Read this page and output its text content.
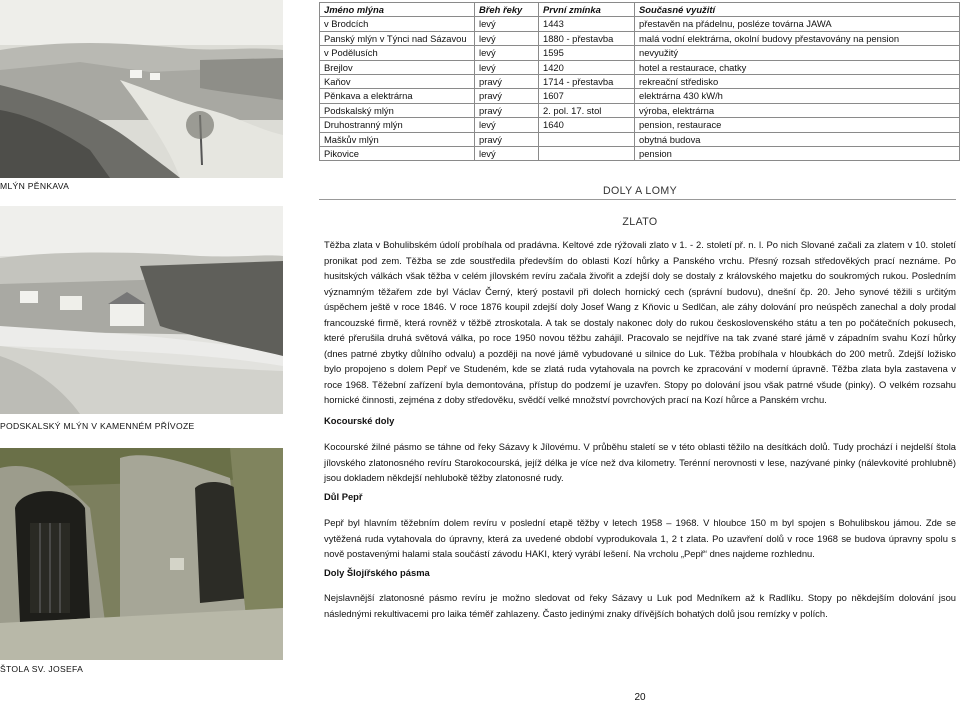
MLÝN PĚNKAVA
PODSKALSKÝ MLÝN V KAMENNÉM PŘÍVOZE
ŠTOLA SV. JOSEFA
Jméno mlýna	Břeh řeky	První zmínka	Současné využití
v Brodcích	levý	1443	přestavěn na přádelnu, posléze továrna JAWA
Panský mlýn v Týnci nad Sázavou	levý	1880 - přestavba	malá vodní elektrárna, okolní budovy přestavovány na pension
v Podělusích	levý	1595	nevyužitý
Brejlov	levý	1420	hotel a restaurace, chatky
Kaňov	pravý	1714 - přestavba	rekreační středisko
Pěnkava a elektrárna	pravý	1607	elektrárna 430 kW/h
Podskalský mlýn	pravý	2. pol. 17. stol	výroba, elektrárna
Druhostranný mlýn	levý	1640	pension, restaurace
Maškův mlýn	pravý		obytná budova
Pikovice	levý		pension
DOLY A LOMY
ZLATO

Těžba zlata v Bohulibském údolí probíhala od pradávna. Keltové zde rýžovali zlato v 1. - 2. století př. n. l. Po nich Slované začali za zlatem v 10. století pronikat pod zem. Těžba se zde soustředila především do oblasti Kozí hůrky a Panského vrchu. Přesný rozsah středověkých prací neznáme. Po husitských válkách však těžba v celém jílovském revíru začala živořit a zdejší doly se dostaly z královského majetku do soukromých rukou. Posledním významným těžařem zde byl Václav Černý, který postavil při dolech hornický cech (správní budovu), dnešní čp. 20. Jeho synové těžili s určitým úspěchem ještě v roce 1846. V roce 1876 koupil zdejší doly Josef Wang z Kňovic u Sedlčan, ale záhy dolování pro neúspěch zanechal a doly prodal francouzské firmě, která rovněž v těžbě ztroskotala. A tak se dostaly nakonec doly do rukou československého státu a ten po počátečních pokusech, které přerušila druhá světová válka, po roce 1950 novou těžbu zahájil. Pracovalo se nejdříve na tak zvané staré jámě v západním svahu Kozí hůrky (dnes patrné zbytky důlního odvalu) a později na nové jámě vybudované u silnice do Luk. Těžba probíhala v hloubkách do 200 metrů. Zdejší ložisko bylo propojeno s dolem Pepř ve Studeném, kde se zlatá ruda vytahovala na povrch ke zpracování v moderní úpravně. Těžba zlata byla zastavena v roce 1968. Těžební zařízení byla demontována, přístup do podzemí je uzavřen. Stopy po dolování jsou však patrné všude (pinky). O velkém rozsahu hornické činnosti, zejména z doby středověku, svědčí velké množství povrchových prací na Kozí hůrce a Panském vrchu.

Kocourské doly

Kocourské žilné pásmo se táhne od řeky Sázavy k Jílovému. V průběhu staletí se v této oblasti těžilo na desítkách dolů. Tudy prochází i nejdelší štola jílovského zlatonosného revíru Starokocourská, jejíž délka je více než dva kilometry. Terénní nerovnosti v lese, nazývané pinky (nálevkovité prohlubně) jsou dokladem někdejší nehlubokě těžby zlatonosné rudy.

Důl Pepř

Pepř byl hlavním těžebním dolem revíru v poslední etapě těžby v letech 1958 – 1968. V hloubce 150 m byl spojen s Bohulibskou jámou. Zde se vytěžená ruda vytahovala do úpravny, která za uvedené období vyprodukovala 1, 2 t zlata. Po uzavření dolů v roce 1968 se budova úpravny spolu s nově postavenými halami stala součástí závodu HAKI, který vyrábí lešení. Na vrcholu „Pepř“ dnes najdeme rozhlednu.

Doly Šlojířského pásma

Nejslavnější zlatonosné pásmo revíru je možno sledovat od řeky Sázavy u Luk pod Medníkem až k Radlíku. Stopy po někdejším dolování jsou následnými rekultivacemi pro laika téměř zahlazeny. Často jedinými znaky dřívějších bohatých dolů jsou remízky v polích.

20
